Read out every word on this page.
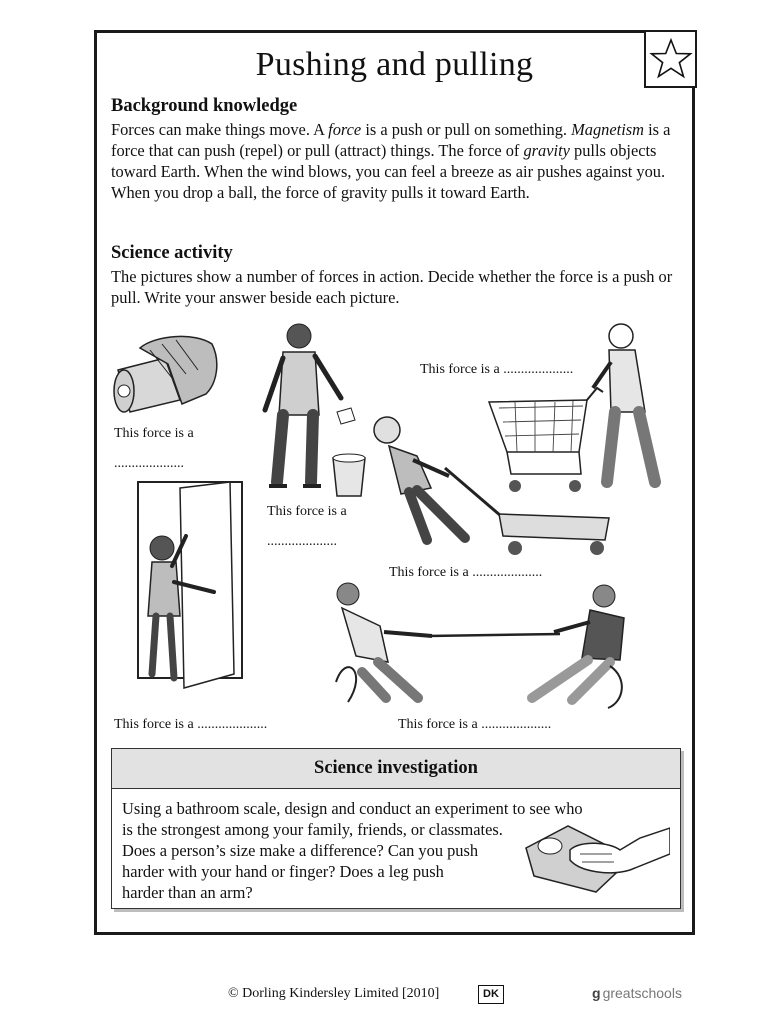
Pushing and pulling
Background knowledge
Forces can make things move. A force is a push or pull on something. Magnetism is a force that can push (repel) or pull (attract) things. The force of gravity pulls objects toward Earth. When the wind blows, you can feel a breeze as air pushes against you. When you drop a ball, the force of gravity pulls it toward Earth.
Science activity
The pictures show a number of forces in action. Decide whether the force is a push or pull. Write your answer beside each picture.
This force is a
....................
This force is a
....................
This force is a ....................
This force is a ....................
This force is a ....................	This force is a ....................
Science investigation
Using a bathroom scale, design and conduct an experiment to see who
is the strongest among your family, friends, or classmates.
Does a person’s size make a difference? Can you push
harder with your hand or finger? Does a leg push
harder than an arm?
© Dorling Kindersley Limited [2010]	DK	g greatschools
